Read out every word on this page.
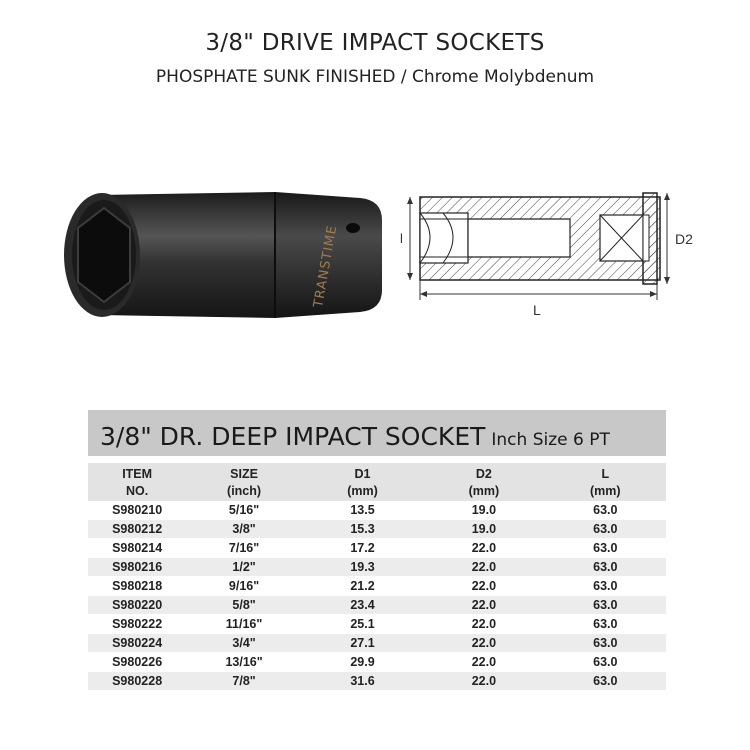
3/8" DRIVE IMPACT SOCKETS
PHOSPHATE SUNK FINISHED / Chrome Molybdenum
TRANSTIME	l	D2
L
3/8" DR. DEEP IMPACT SOCKET Inch Size 6 PT
ITEM	SIZE	D1	D2	L
NO.	(inch)	(mm)	(mm)	(mm)
S980210	5/16"	13.5	19.0	63.0
S980212	3/8"	15.3	19.0	63.0
S980214	7/16"	17.2	22.0	63.0
S980216	1/2"	19.3	22.0	63.0
S980218	9/16"	21.2	22.0	63.0
S980220	5/8"	23.4	22.0	63.0
S980222	11/16"	25.1	22.0	63.0
S980224	3/4"	27.1	22.0	63.0
S980226	13/16"	29.9	22.0	63.0
S980228	7/8"	31.6	22.0	63.0
